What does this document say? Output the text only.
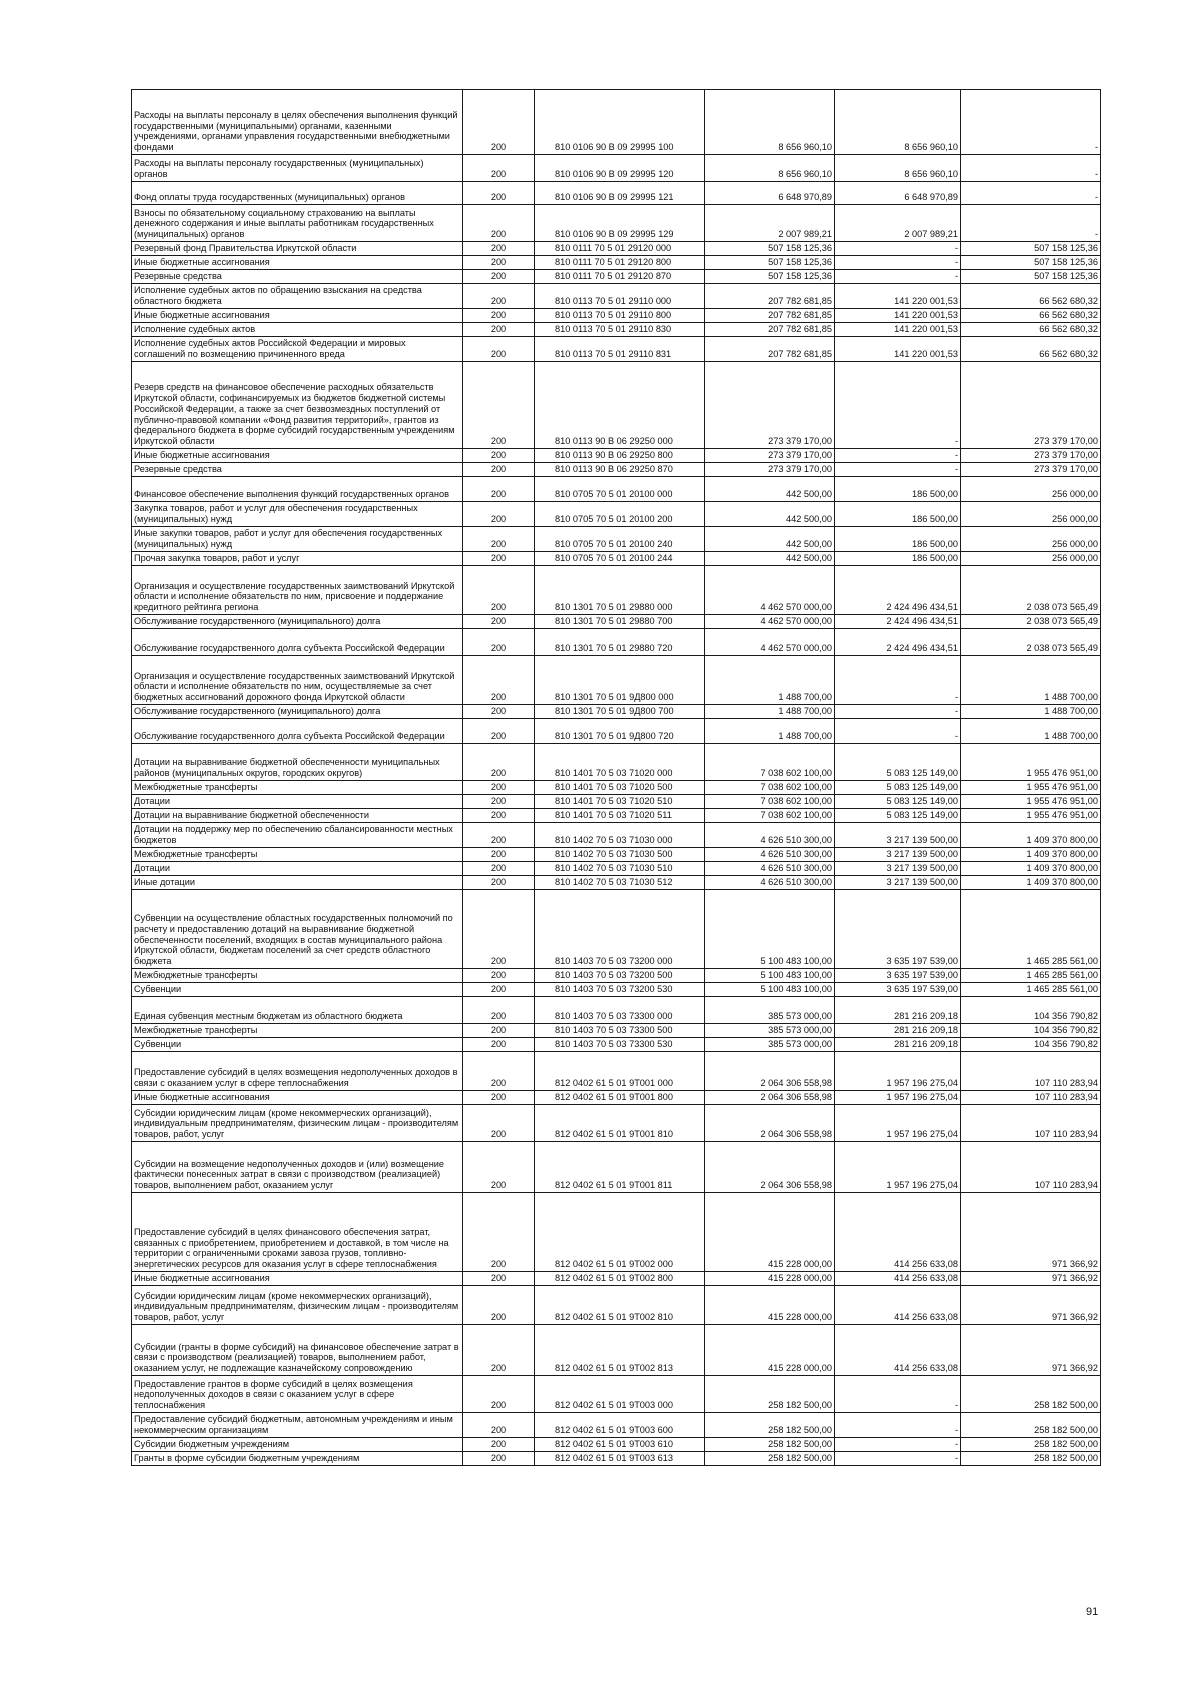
Расходы на выплаты персоналу в целях обеспечения выполнения функций государственными (муниципальными) органами, казенными учреждениями, органами управления государственными внебюджетными фондами	200	810 0106 90 В 09 29995 100	8 656 960,10	8 656 960,10	-
Расходы на выплаты персоналу государственных (муниципальных) органов	200	810 0106 90 В 09 29995 120	8 656 960,10	8 656 960,10	-
Фонд оплаты труда государственных (муниципальных) органов	200	810 0106 90 В 09 29995 121	6 648 970,89	6 648 970,89	-
Взносы по обязательному социальному страхованию на выплаты денежного содержания и иные выплаты работникам государственных (муниципальных) органов	200	810 0106 90 В 09 29995 129	2 007 989,21	2 007 989,21	-
Резервный фонд Правительства Иркутской области	200	810 0111 70 5 01 29120 000	507 158 125,36	-	507 158 125,36
Иные бюджетные ассигнования	200	810 0111 70 5 01 29120 800	507 158 125,36	-	507 158 125,36
Резервные средства	200	810 0111 70 5 01 29120 870	507 158 125,36	-	507 158 125,36
Исполнение судебных актов по обращению взыскания на средства областного бюджета	200	810 0113 70 5 01 29110 000	207 782 681,85	141 220 001,53	66 562 680,32
Иные бюджетные ассигнования	200	810 0113 70 5 01 29110 800	207 782 681,85	141 220 001,53	66 562 680,32
Исполнение судебных актов	200	810 0113 70 5 01 29110 830	207 782 681,85	141 220 001,53	66 562 680,32
Исполнение судебных актов Российской Федерации и мировых соглашений по возмещению причиненного вреда	200	810 0113 70 5 01 29110 831	207 782 681,85	141 220 001,53	66 562 680,32
Резерв средств на финансовое обеспечение расходных обязательств Иркутской области, софинансируемых из бюджетов бюджетной системы Российской Федерации, а также за счет безвозмездных поступлений от публично-правовой компании «Фонд развития территорий», грантов из федерального бюджета в форме субсидий государственным учреждениям Иркутской области	200	810 0113 90 В 06 29250 000	273 379 170,00	-	273 379 170,00
Иные бюджетные ассигнования	200	810 0113 90 В 06 29250 800	273 379 170,00	-	273 379 170,00
Резервные средства	200	810 0113 90 В 06 29250 870	273 379 170,00	-	273 379 170,00
Финансовое обеспечение выполнения функций государственных органов	200	810 0705 70 5 01 20100 000	442 500,00	186 500,00	256 000,00
Закупка товаров, работ и услуг для обеспечения государственных (муниципальных) нужд	200	810 0705 70 5 01 20100 200	442 500,00	186 500,00	256 000,00
Иные закупки товаров, работ и услуг для обеспечения государственных (муниципальных) нужд	200	810 0705 70 5 01 20100 240	442 500,00	186 500,00	256 000,00
Прочая закупка товаров, работ и услуг	200	810 0705 70 5 01 20100 244	442 500,00	186 500,00	256 000,00
Организация и осуществление государственных заимствований Иркутской области и исполнение обязательств по ним, присвоение и поддержание кредитного рейтинга региона	200	810 1301 70 5 01 29880 000	4 462 570 000,00	2 424 496 434,51	2 038 073 565,49
Обслуживание государственного (муниципального) долга	200	810 1301 70 5 01 29880 700	4 462 570 000,00	2 424 496 434,51	2 038 073 565,49
Обслуживание государственного долга субъекта Российской Федерации	200	810 1301 70 5 01 29880 720	4 462 570 000,00	2 424 496 434,51	2 038 073 565,49
Организация и осуществление государственных заимствований Иркутской области и исполнение обязательств по ним, осуществляемые за счет бюджетных ассигнований дорожного фонда Иркутской области	200	810 1301 70 5 01 9Д800 000	1 488 700,00	-	1 488 700,00
Обслуживание государственного (муниципального) долга	200	810 1301 70 5 01 9Д800 700	1 488 700,00	-	1 488 700,00
Обслуживание государственного долга субъекта Российской Федерации	200	810 1301 70 5 01 9Д800 720	1 488 700,00	-	1 488 700,00
Дотации на выравнивание бюджетной обеспеченности муниципальных районов (муниципальных округов, городских округов)	200	810 1401 70 5 03 71020 000	7 038 602 100,00	5 083 125 149,00	1 955 476 951,00
Межбюджетные трансферты	200	810 1401 70 5 03 71020 500	7 038 602 100,00	5 083 125 149,00	1 955 476 951,00
Дотации	200	810 1401 70 5 03 71020 510	7 038 602 100,00	5 083 125 149,00	1 955 476 951,00
Дотации на выравнивание бюджетной обеспеченности	200	810 1401 70 5 03 71020 511	7 038 602 100,00	5 083 125 149,00	1 955 476 951,00
Дотации на поддержку мер по обеспечению сбалансированности местных бюджетов	200	810 1402 70 5 03 71030 000	4 626 510 300,00	3 217 139 500,00	1 409 370 800,00
Межбюджетные трансферты	200	810 1402 70 5 03 71030 500	4 626 510 300,00	3 217 139 500,00	1 409 370 800,00
Дотации	200	810 1402 70 5 03 71030 510	4 626 510 300,00	3 217 139 500,00	1 409 370 800,00
Иные дотации	200	810 1402 70 5 03 71030 512	4 626 510 300,00	3 217 139 500,00	1 409 370 800,00
Субвенции на осуществление областных государственных полномочий по расчету и предоставлению дотаций на выравнивание бюджетной обеспеченности поселений, входящих в состав муниципального района Иркутской области, бюджетам поселений за счет средств областного бюджета	200	810 1403 70 5 03 73200 000	5 100 483 100,00	3 635 197 539,00	1 465 285 561,00
Межбюджетные трансферты	200	810 1403 70 5 03 73200 500	5 100 483 100,00	3 635 197 539,00	1 465 285 561,00
Субвенции	200	810 1403 70 5 03 73200 530	5 100 483 100,00	3 635 197 539,00	1 465 285 561,00
Единая субвенция местным бюджетам из областного бюджета	200	810 1403 70 5 03 73300 000	385 573 000,00	281 216 209,18	104 356 790,82
Межбюджетные трансферты	200	810 1403 70 5 03 73300 500	385 573 000,00	281 216 209,18	104 356 790,82
Субвенции	200	810 1403 70 5 03 73300 530	385 573 000,00	281 216 209,18	104 356 790,82
Предоставление субсидий в целях возмещения недополученных доходов в связи с оказанием услуг в сфере теплоснабжения	200	812 0402 61 5 01 9Т001 000	2 064 306 558,98	1 957 196 275,04	107 110 283,94
Иные бюджетные ассигнования	200	812 0402 61 5 01 9Т001 800	2 064 306 558,98	1 957 196 275,04	107 110 283,94
Субсидии юридическим лицам (кроме некоммерческих организаций), индивидуальным предпринимателям, физическим лицам - производителям товаров, работ, услуг	200	812 0402 61 5 01 9Т001 810	2 064 306 558,98	1 957 196 275,04	107 110 283,94
Субсидии на возмещение недополученных доходов и (или) возмещение фактически понесенных затрат в связи с производством (реализацией) товаров, выполнением работ, оказанием услуг	200	812 0402 61 5 01 9Т001 811	2 064 306 558,98	1 957 196 275,04	107 110 283,94
Предоставление субсидий в целях финансового обеспечения затрат, связанных с приобретением, приобретением и доставкой, в том числе на территории с ограниченными сроками завоза грузов, топливно-энергетических ресурсов для оказания услуг в сфере теплоснабжения	200	812 0402 61 5 01 9Т002 000	415 228 000,00	414 256 633,08	971 366,92
Иные бюджетные ассигнования	200	812 0402 61 5 01 9Т002 800	415 228 000,00	414 256 633,08	971 366,92
Субсидии юридическим лицам (кроме некоммерческих организаций), индивидуальным предпринимателям, физическим лицам - производителям товаров, работ, услуг	200	812 0402 61 5 01 9Т002 810	415 228 000,00	414 256 633,08	971 366,92
Субсидии (гранты в форме субсидий) на финансовое обеспечение затрат в связи с производством (реализацией) товаров, выполнением работ, оказанием услуг, не подлежащие казначейскому сопровождению	200	812 0402 61 5 01 9Т002 813	415 228 000,00	414 256 633,08	971 366,92
Предоставление грантов в форме субсидий в целях возмещения недополученных доходов в связи с оказанием услуг в сфере теплоснабжения	200	812 0402 61 5 01 9Т003 000	258 182 500,00	-	258 182 500,00
Предоставление субсидий бюджетным, автономным учреждениям и иным некоммерческим организациям	200	812 0402 61 5 01 9Т003 600	258 182 500,00	-	258 182 500,00
Субсидии бюджетным учреждениям	200	812 0402 61 5 01 9Т003 610	258 182 500,00	-	258 182 500,00
Гранты в форме субсидии бюджетным учреждениям	200	812 0402 61 5 01 9Т003 613	258 182 500,00	-	258 182 500,00
91
